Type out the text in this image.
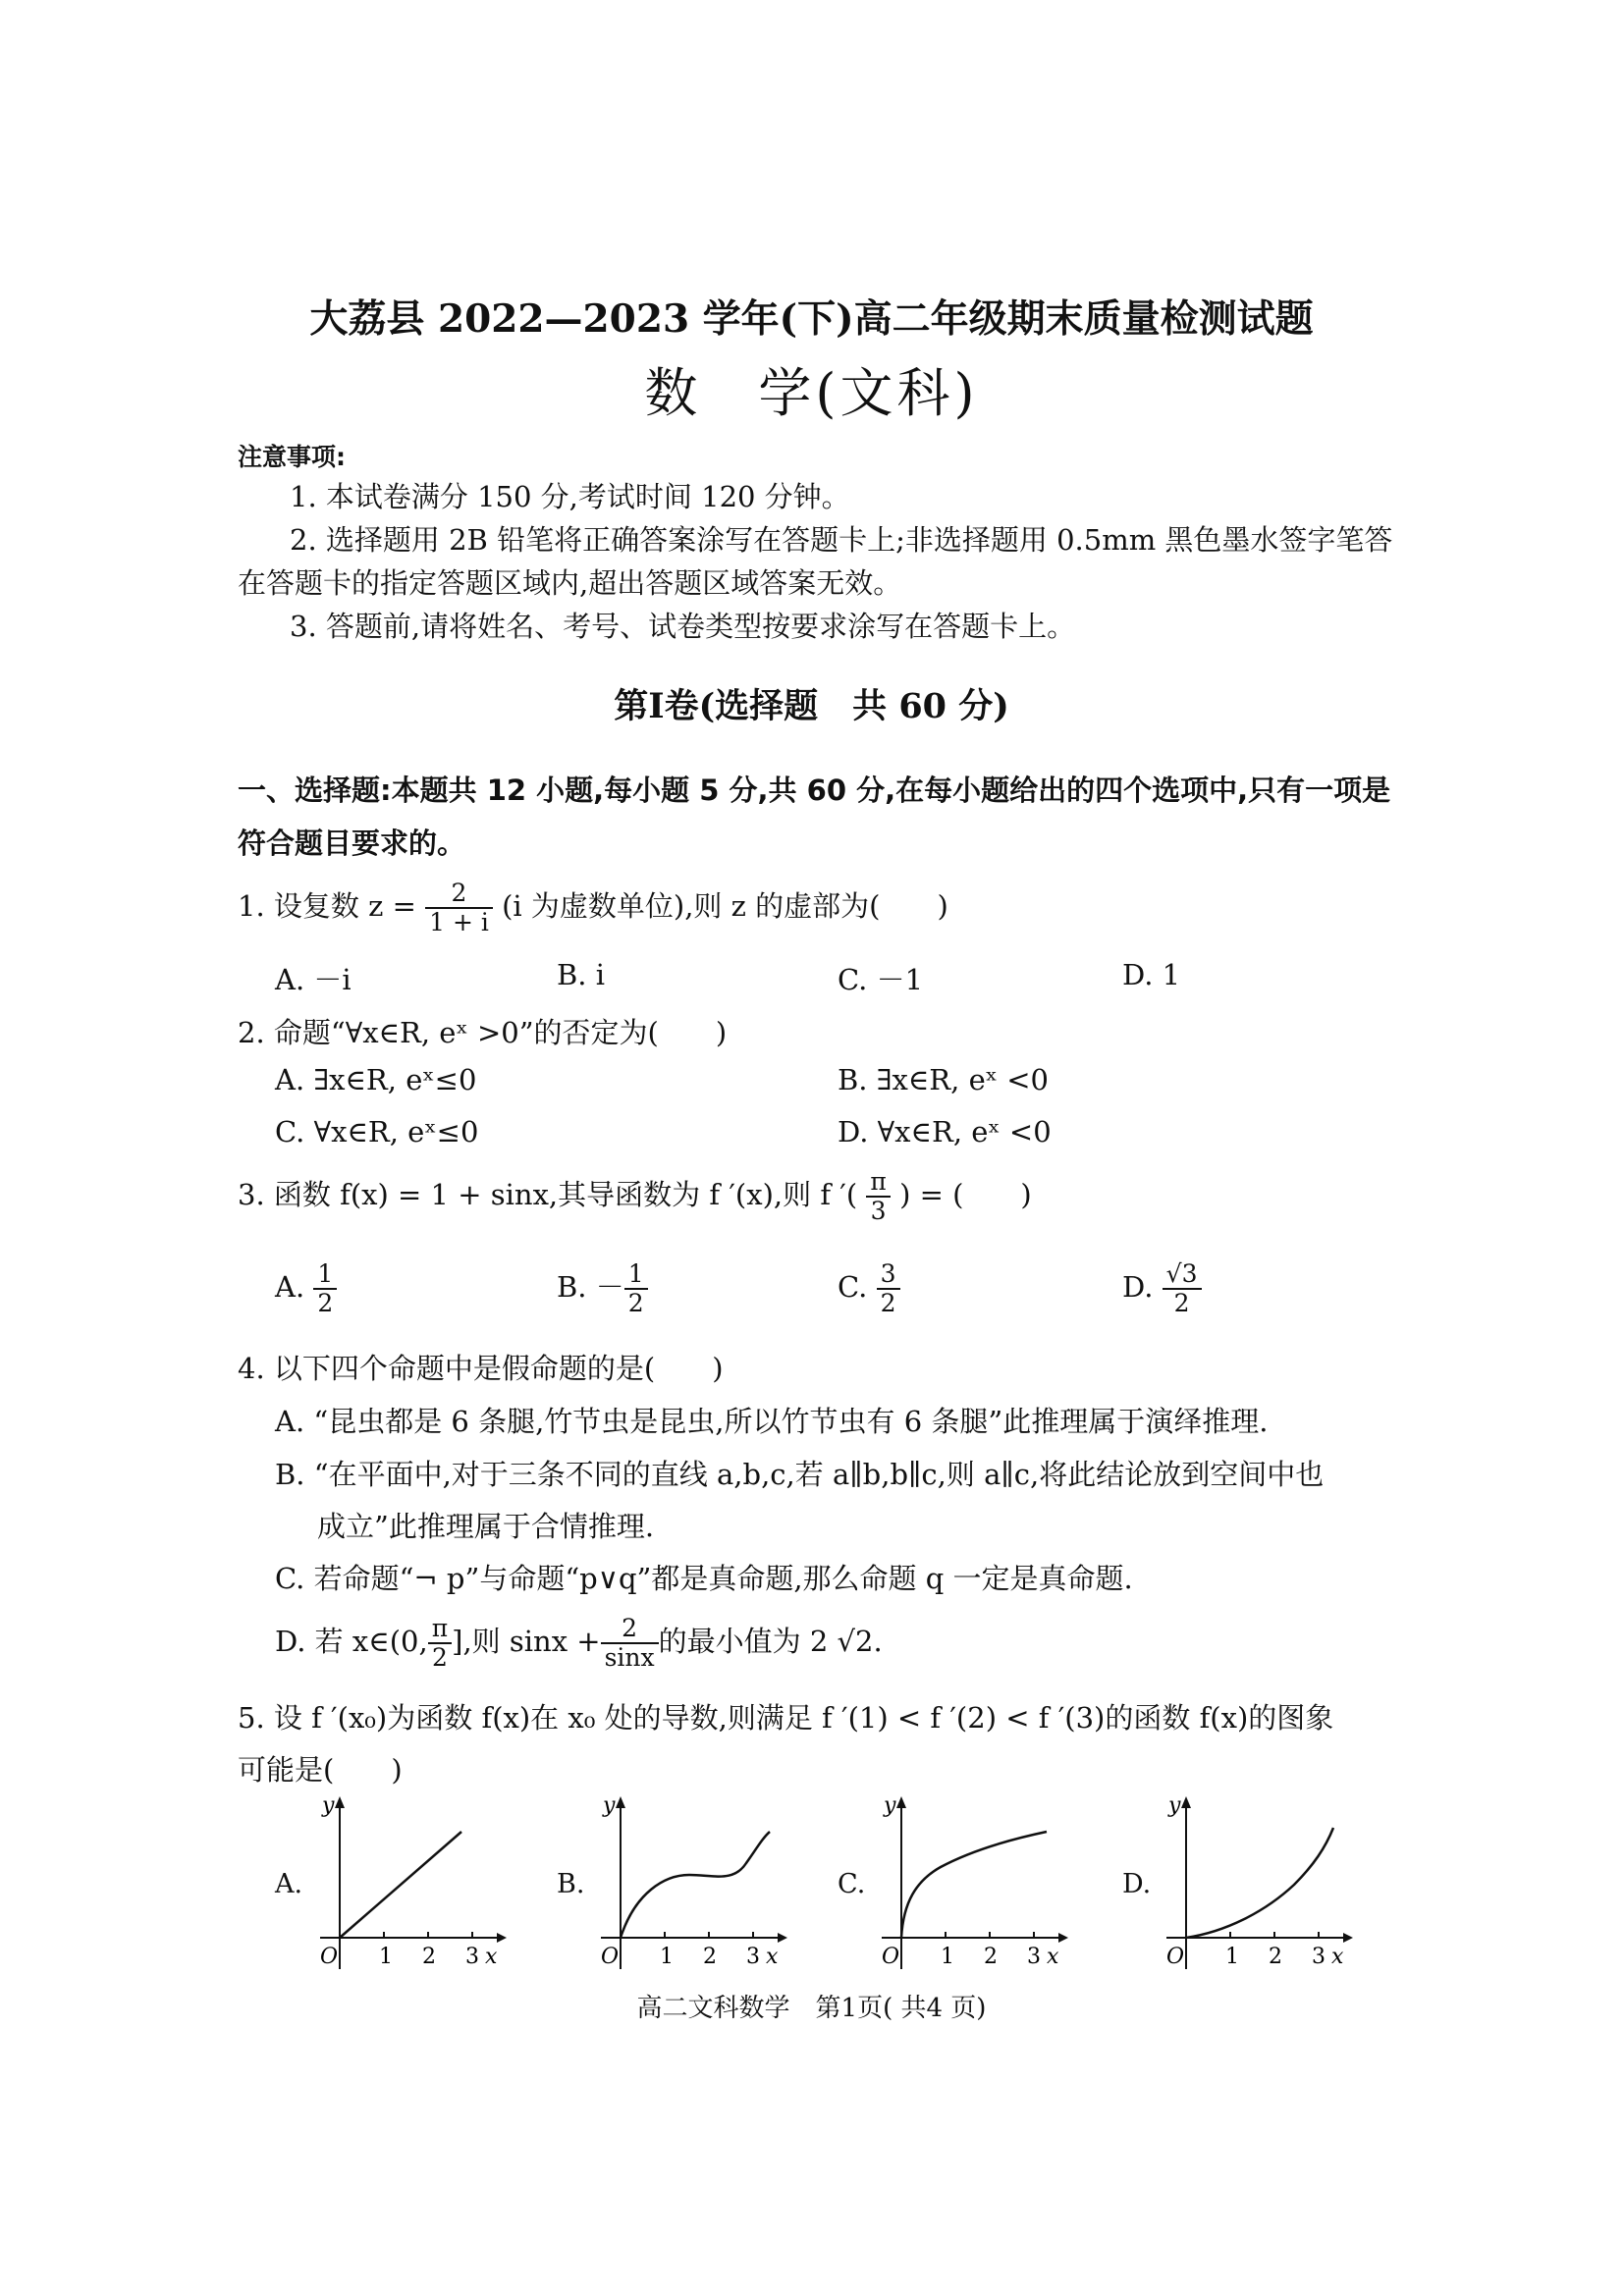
大荔县 2022—2023 学年(下)高二年级期末质量检测试题
数　学(文科)
注意事项:
1. 本试卷满分 150 分,考试时间 120 分钟。
2. 选择题用 2B 铅笔将正确答案涂写在答题卡上;非选择题用 0.5mm 黑色墨水签字笔答
在答题卡的指定答题区域内,超出答题区域答案无效。
3. 答题前,请将姓名、考号、试卷类型按要求涂写在答题卡上。
第Ⅰ卷(选择题　共 60 分)
一、选择题:本题共 12 小题,每小题 5 分,共 60 分,在每小题给出的四个选项中,只有一项是符合题目要求的。
1. 设复数 $z = \frac{2}{1 + i} (i$ 为虚数单位),则 z 的虚部为(　　)
A. －i	B. i	C. －1	D. 1
2. 命题“∀x∈R, eˣ >0”的否定为(　　)
A. ∃x∈R, eˣ≤0	B. ∃x∈R, eˣ <0
C. ∀x∈R, eˣ≤0	D. ∀x∈R, eˣ <0
3. 函数 f(x) = 1 + sinx,其导函数为 f ′(x),则 f ′( $\frac{\pi}{3}$ ) = (　　)
A. $\frac{1}{2}$	B. － $\frac{1}{2}$	C. $\frac{3}{2}$	D. $\frac{√3}{2}$
4. 以下四个命题中是假命题的是(　　)
A. “昆虫都是 6 条腿,竹节虫是昆虫,所以竹节虫有 6 条腿”此推理属于演绎推理.
B. “在平面中,对于三条不同的直线 a,b,c,若 a∥b,b∥c,则 a∥c,将此结论放到空间中也
成立”此推理属于合情推理.
C. 若命题“¬ p”与命题“p∨q”都是真命题,那么命题 q 一定是真命题.
D. 若 x∈(0, $\frac{\pi}{2}$ ],则 $\sin x + \frac{2}{\sin x}$ 的最小值为 2 √2.
5. 设 f ′(x₀)为函数 f(x)在 x₀ 处的导数,则满足 f ′(1) < f ′(2) < f ′(3)的函数 f(x)的图象
可能是(　　)
A.
y
O 1 2 3 x
B.
y
O 1 2 3 x
C.
y
O 1 2 3 x
D.
y
O 1 2 3 x
高二文科数学　第1页( 共4 页)
